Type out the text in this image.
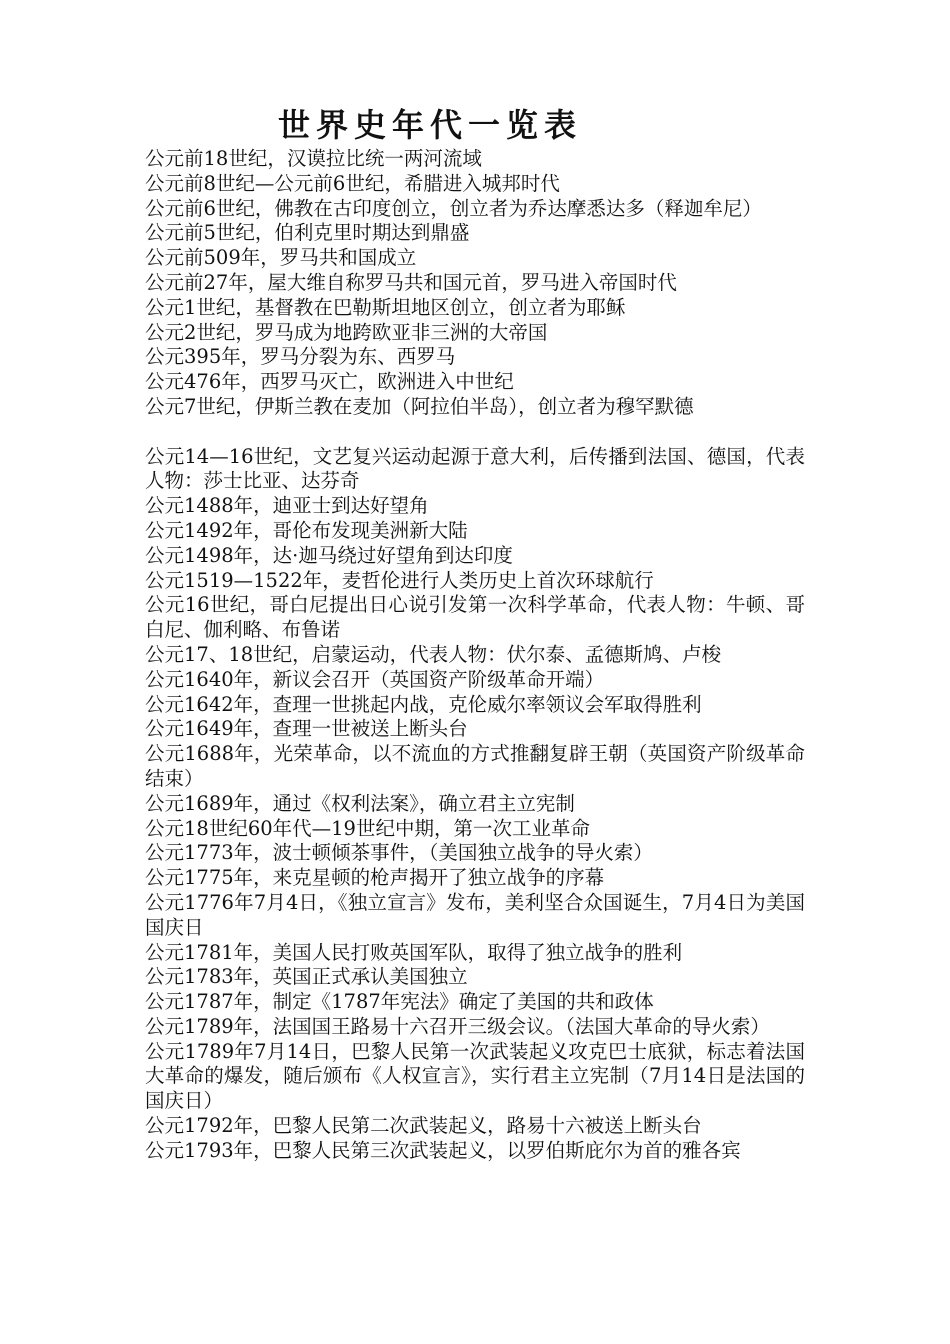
世界史年代一览表

公元前18世纪，汉谟拉比统一两河流域

公元前8世纪—公元前6世纪，希腊进入城邦时代

公元前6世纪，佛教在古印度创立，创立者为乔达摩悉达多（释迦牟尼）

公元前5世纪，伯利克里时期达到鼎盛

公元前509年，罗马共和国成立

公元前27年，屋大维自称罗马共和国元首，罗马进入帝国时代

公元1世纪，基督教在巴勒斯坦地区创立，创立者为耶稣

公元2世纪，罗马成为地跨欧亚非三洲的大帝国

公元395年，罗马分裂为东、西罗马

公元476年，西罗马灭亡，欧洲进入中世纪

公元7世纪，伊斯兰教在麦加（阿拉伯半岛），创立者为穆罕默德

公元14—16世纪，文艺复兴运动起源于意大利，后传播到法国、德国，代表人物：莎士比亚、达芬奇

公元1488年，迪亚士到达好望角

公元1492年，哥伦布发现美洲新大陆

公元1498年，达·迦马绕过好望角到达印度

公元1519—1522年，麦哲伦进行人类历史上首次环球航行

公元16世纪，哥白尼提出日心说引发第一次科学革命，代表人物：牛顿、哥白尼、伽利略、布鲁诺

公元17、18世纪，启蒙运动，代表人物：伏尔泰、孟德斯鸠、卢梭

公元1640年，新议会召开（英国资产阶级革命开端）

公元1642年，查理一世挑起内战，克伦威尔率领议会军取得胜利

公元1649年，查理一世被送上断头台

公元1688年，光荣革命，以不流血的方式推翻复辟王朝（英国资产阶级革命结束）

公元1689年，通过《权利法案》，确立君主立宪制

公元18世纪60年代—19世纪中期，第一次工业革命

公元1773年，波士顿倾茶事件，（美国独立战争的导火索）

公元1775年，来克星顿的枪声揭开了独立战争的序幕

公元1776年7月4日，《独立宣言》发布，美利坚合众国诞生，7月4日为美国国庆日

公元1781年，美国人民打败英国军队，取得了独立战争的胜利

公元1783年，英国正式承认美国独立

公元1787年，制定《1787年宪法》确定了美国的共和政体

公元1789年，法国国王路易十六召开三级会议。（法国大革命的导火索）

公元1789年7月14日，巴黎人民第一次武装起义攻克巴士底狱，标志着法国大革命的爆发，随后颁布《人权宣言》，实行君主立宪制（7月14日是法国的国庆日）

公元1792年，巴黎人民第二次武装起义，路易十六被送上断头台

公元1793年，巴黎人民第三次武装起义，以罗伯斯庇尔为首的雅各宾
